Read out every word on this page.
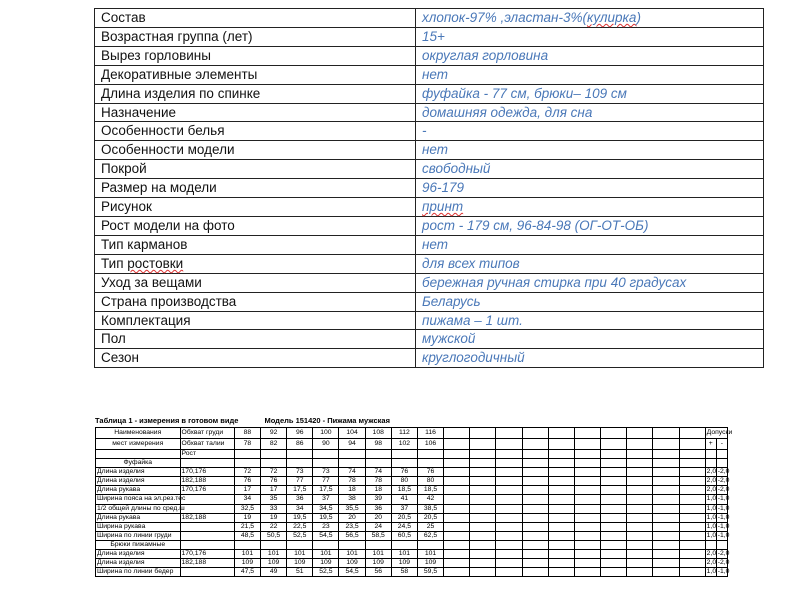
Состав	хлопок-97% ,эластан-3%(кулирка)
Возрастная группа (лет)	15+
Вырез горловины	округлая горловина
Декоративные элементы	нет
Длина изделия по спинке	фуфайка - 77 см, брюки– 109 см
Назначение	домашняя одежда, для сна
Особенности белья	-
Особенности модели	нет
Покрой	свободный
Размер на модели	96-179
Рисунок	принт
Рост модели на фото	рост - 179 см, 96-84-98 (ОГ-ОТ-ОБ)
Тип карманов	нет
Тип ростовки	для всех типов
Уход за вещами	бережная ручная стирка при 40 градусах
Страна производства	Беларусь
Комплектация	пижама – 1 шт.
Пол	мужской
Сезон	круглогодичный
Таблица 1 - измерения в готовом виде	Модель 151420 - Пижама мужская
Наименования	Обхват груди	88	92	96	100	104	108	112	116											Допуски	
мест измерения	Обхват талии	78	82	86	90	94	98	102	106											+	-
	Рост																				
Фуфайка																					
Длина изделия	170,176	72	72	73	73	74	74	76	76											2,0	-2,0
Длина изделия	182,188	76	76	77	77	78	78	80	80											2,0	-2,0
Длина рукава	170,176	17	17	17,5	17,5	18	18	18,5	18,5											2,0	-2,0
Ширина пояса на эл.рез.тес		34	35	36	37	38	39	41	42											1,0	-1,0
1/2 общей длины по сред.ш		32,5	33	34	34,5	35,5	36	37	38,5											1,0	-1,0
Длина рукава	182,188	19	19	19,5	19,5	20	20	20,5	20,5											1,0	-1,0
Ширина рукава		21,5	22	22,5	23	23,5	24	24,5	25											1,0	-1,0
Ширина по линии груди		48,5	50,5	52,5	54,5	56,5	58,5	60,5	62,5											1,0	-1,0
Брюки пижамные																					
Длина изделия	170,176	101	101	101	101	101	101	101	101											2,0	-2,0
Длина изделия	182,188	109	109	109	109	109	109	109	109											2,0	-2,0
Ширина по линии бедер		47,5	49	51	52,5	54,5	56	58	59,5											1,0	-1,0
